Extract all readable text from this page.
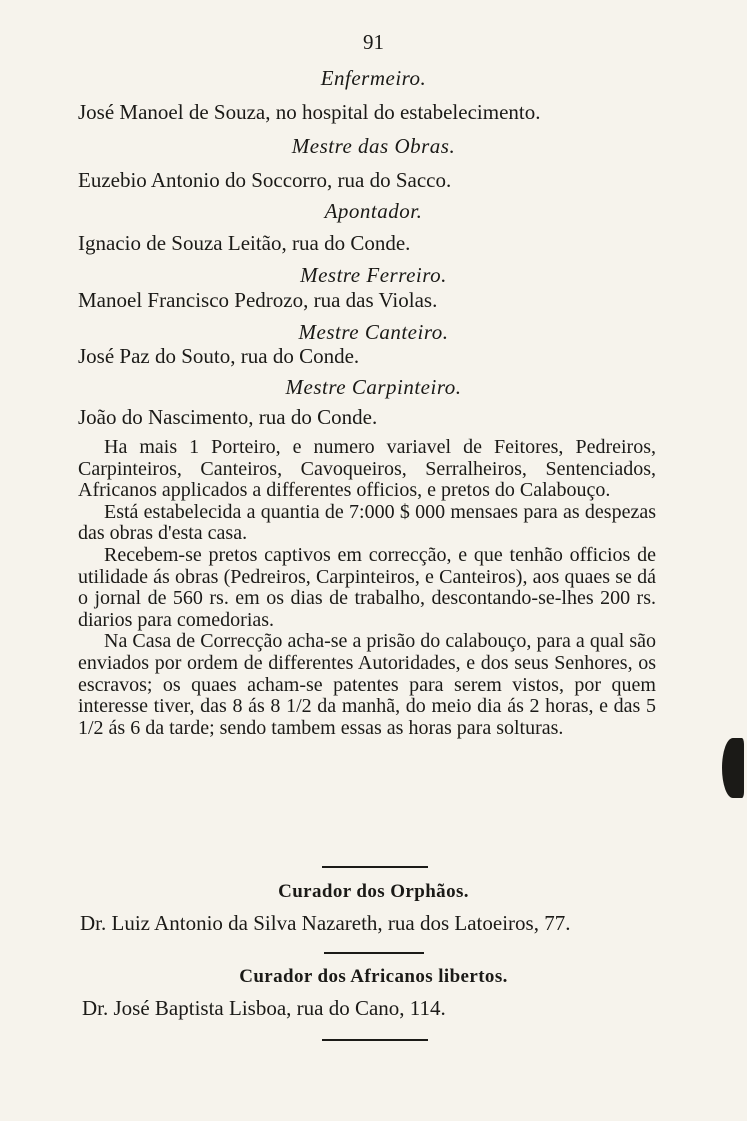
91
Enfermeiro.
José Manoel de Souza, no hospital do estabelecimento.
Mestre das Obras.
Euzebio Antonio do Soccorro, rua do Sacco.
Apontador.
Ignacio de Souza Leitão, rua do Conde.
Mestre Ferreiro.
Manoel Francisco Pedrozo, rua das Violas.
Mestre Canteiro.
José Paz do Souto, rua do Conde.
Mestre Carpinteiro.
João do Nascimento, rua do Conde.

Ha mais 1 Porteiro, e numero variavel de Feitores, Pedreiros, Carpinteiros, Canteiros, Cavoqueiros, Serralheiros, Sentenciados, Africanos applicados a differentes officios, e pretos do Calabouço.

Está estabelecida a quantia de 7:000 $ 000 mensaes para as despezas das obras d'esta casa.

Recebem-se pretos captivos em correcção, e que tenhão officios de utilidade ás obras (Pedreiros, Carpinteiros, e Canteiros), aos quaes se dá o jornal de 560 rs. em os dias de trabalho, descontando-se-lhes 200 rs. diarios para comedorias.

Na Casa de Correcção acha-se a prisão do calabouço, para a qual são enviados por ordem de differentes Autoridades, e dos seus Senhores, os escravos; os quaes acham-se patentes para serem vistos, por quem interesse tiver, das 8 ás 8 1/2 da manhã, do meio dia ás 2 horas, e das 5 1/2 ás 6 da tarde; sendo tambem essas as horas para solturas.

Curador dos Orphãos.
Dr. Luiz Antonio da Silva Nazareth, rua dos Latoeiros, 77.
Curador dos Africanos libertos.
Dr. José Baptista Lisboa, rua do Cano, 114.
